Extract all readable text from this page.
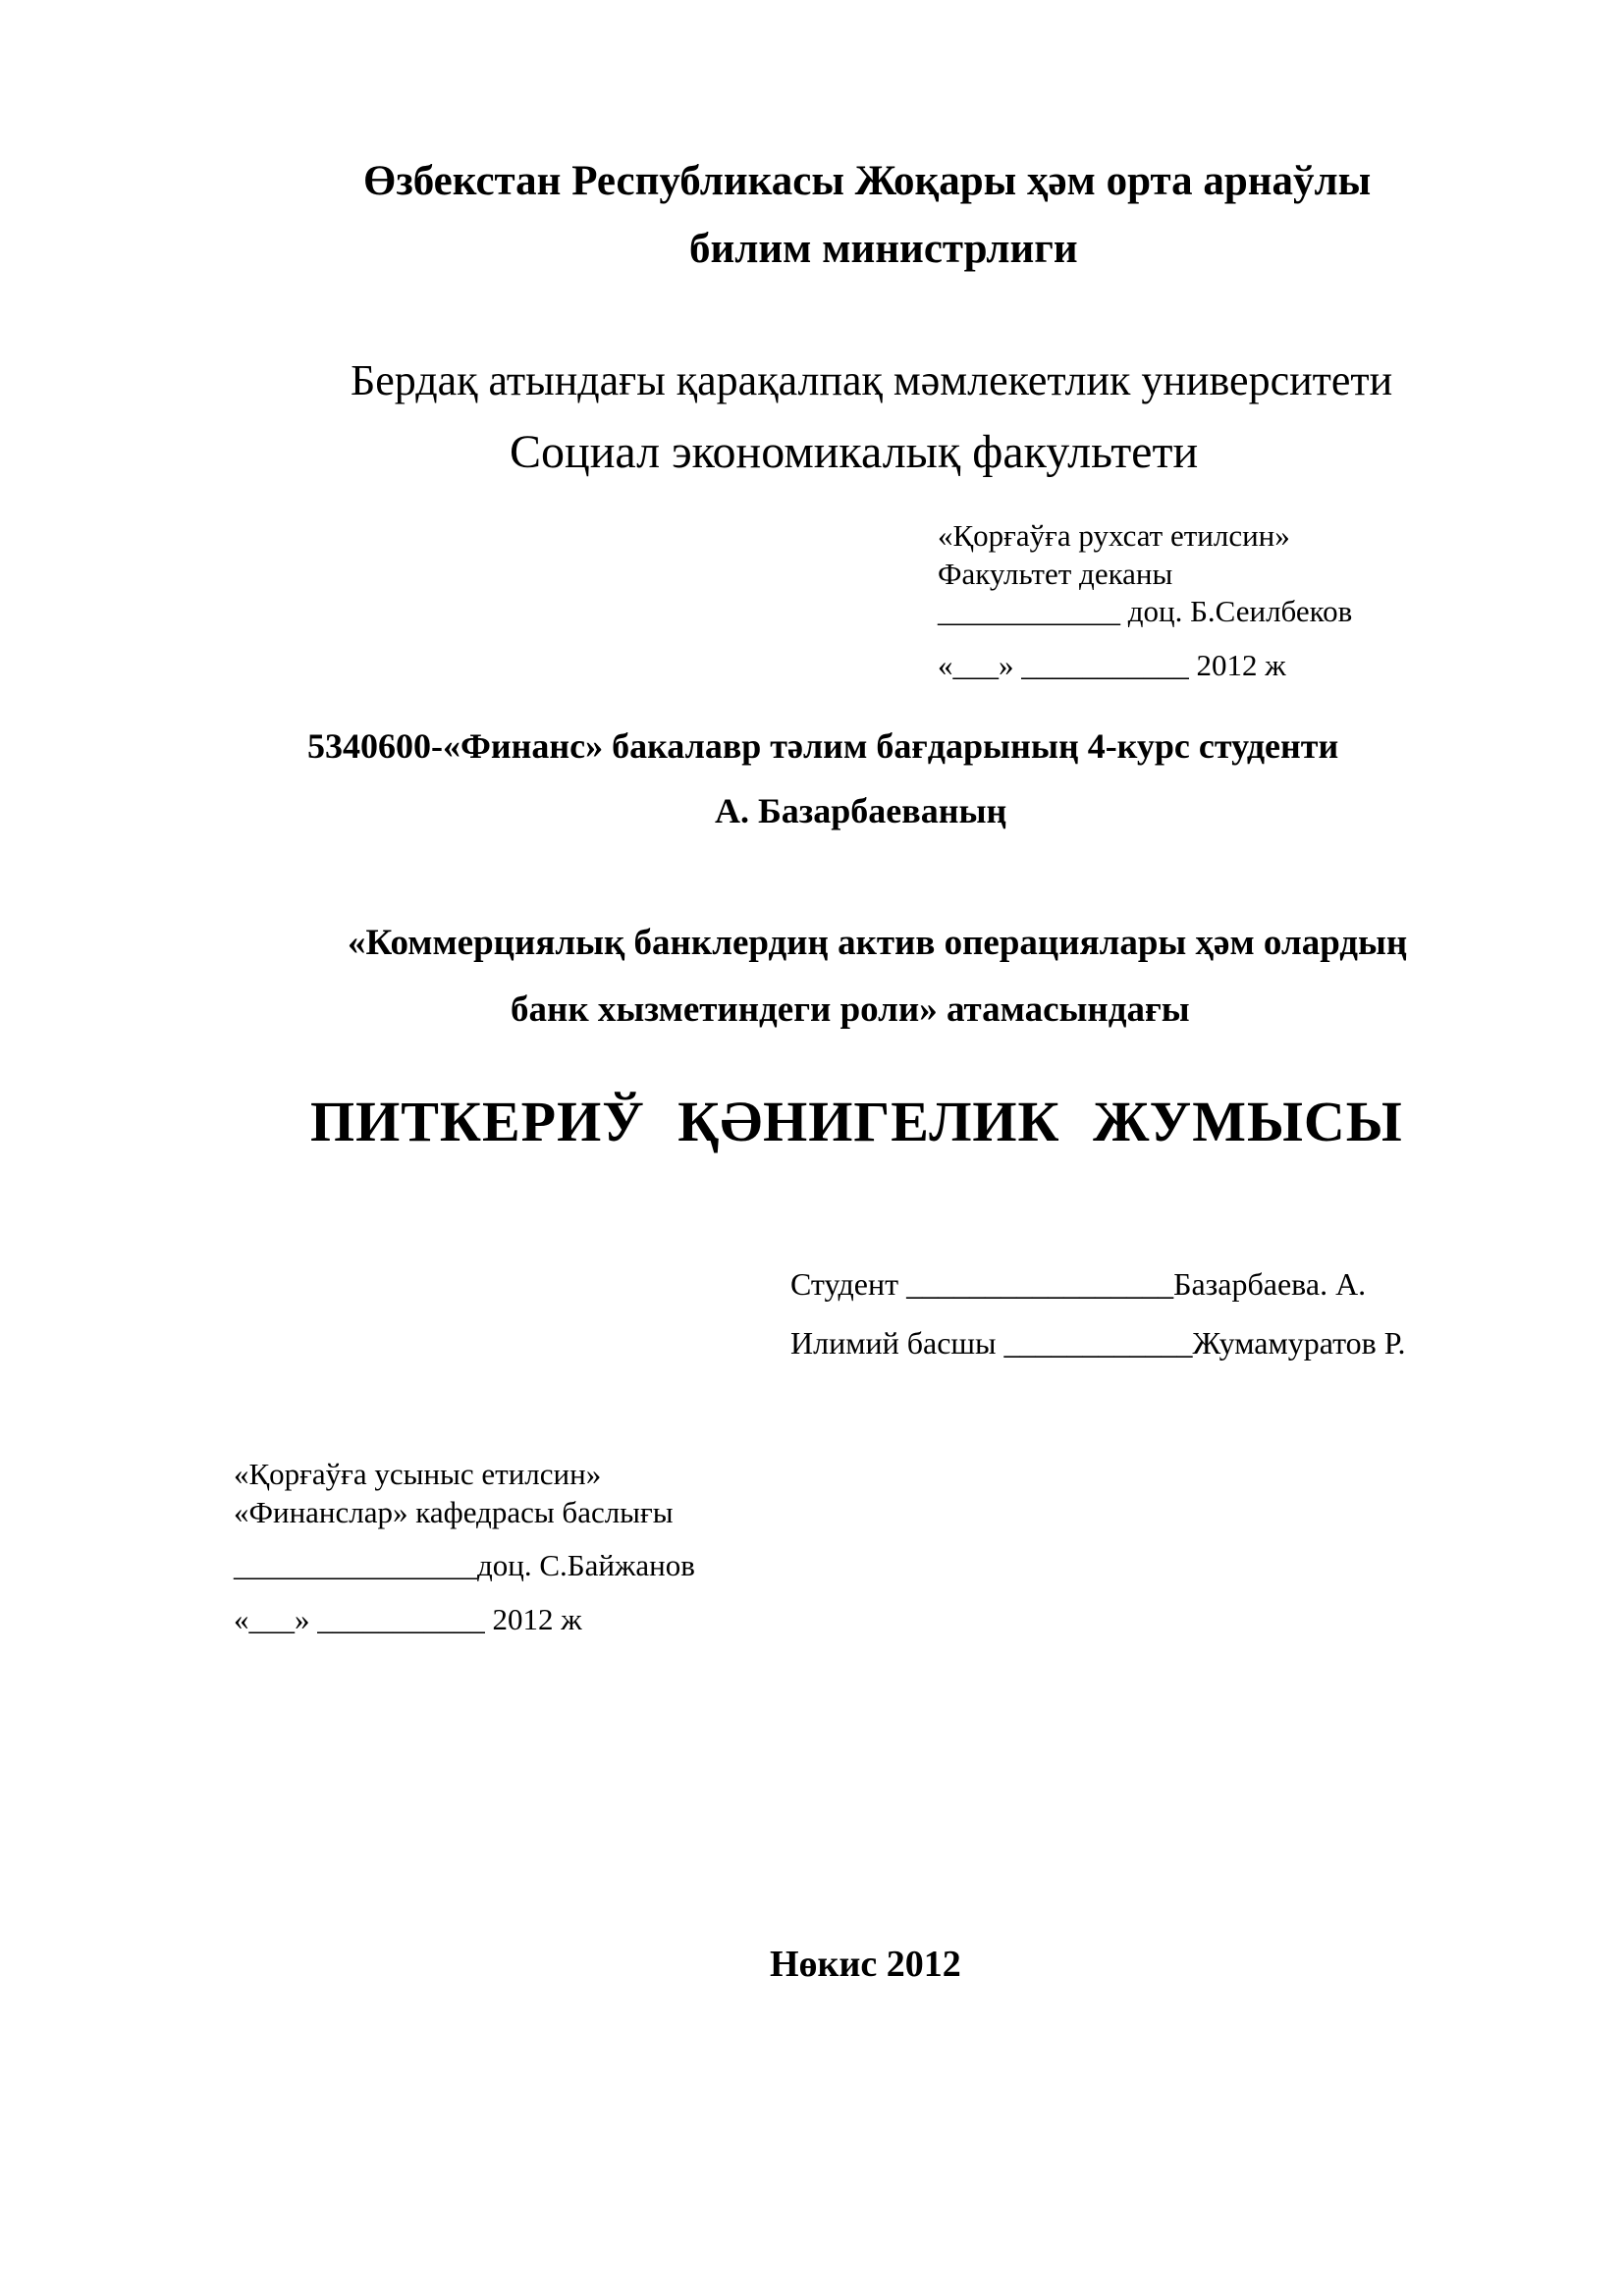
Өзбекстан Республикасы Жоқары ҳәм орта арнаўлы
билим министрлиги
Бердақ атындағы қарақалпақ мәмлекетлик университети
Социал экономикалық факультети
«Қорғаўға рухсат етилсин»
Факультет деканы
____________ доц. Б.Сеилбеков
«___» ___________ 2012 ж
5340600-«Финанс» бакалавр тәлим бағдарының 4-курс студенти
А. Базарбаеваның
«Коммерциялық банклердиң актив операциялары ҳәм олардың
банк хызметиндеги роли» атамасындағы
ПИТКЕРИЎ ҚӘНИГЕЛИК ЖУМЫСЫ
Студент _________________Базарбаева. А.
Илимий басшы ____________Жумамуратов Р.
«Қорғаўға усыныс етилсин»
«Финанслар» кафедрасы баслығы
________________доц. С.Байжанов
«___» ___________ 2012 ж
Нөкис 2012
